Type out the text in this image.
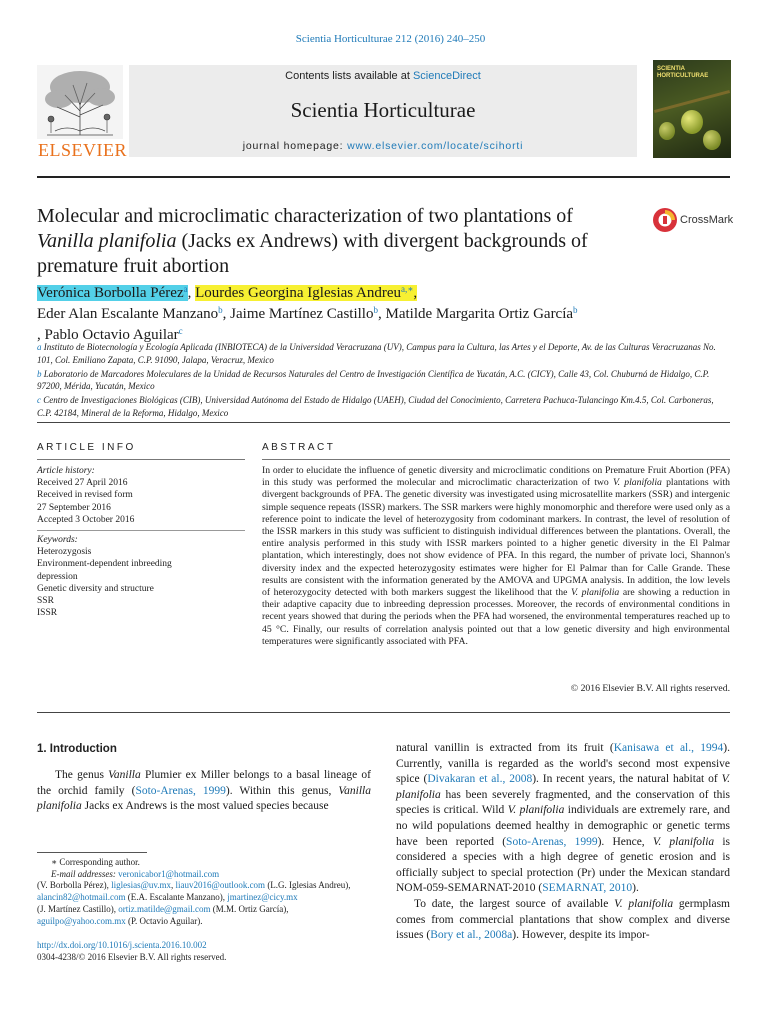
Scientia Horticulturae 212 (2016) 240–250
ELSEVIER
Contents lists available at ScienceDirect
Scientia Horticulturae
journal homepage: www.elsevier.com/locate/scihorti
SCIENTIA HORTICULTURAE
Molecular and microclimatic characterization of two plantations of
Vanilla planifolia (Jacks ex Andrews) with divergent backgrounds of
premature fruit abortion
CrossMark
Verónica Borbolla Pérez$^a$, Lourdes Georgina Iglesias Andreu$^{a,∗}$,
Eder Alan Escalante Manzano$^b$, Jaime Martínez Castillo$^b$, Matilde Margarita Ortiz García$^b$
, Pablo Octavio Aguilar$^c$

$^a$ Instituto de Biotecnología y Ecología Aplicada (INBIOTECA) de la Universidad Veracruzana (UV), Campus para la Cultura, las Artes y el Deporte, Av. de las Culturas Veracruzanas No. 101, Col. Emiliano Zapata, C.P. 91090, Jalapa, Veracruz, Mexico

$^b$ Laboratorio de Marcadores Moleculares de la Unidad de Recursos Naturales del Centro de Investigación Científica de Yucatán, A.C. (CICY), Calle 43, Col. Chuburná de Hidalgo, C.P. 97200, Mérida, Yucatán, Mexico

$^c$ Centro de Investigaciones Biológicas (CIB), Universidad Autónoma del Estado de Hidalgo (UAEH), Ciudad del Conocimiento, Carretera Pachuca-Tulancingo Km.4.5, Col. Carboneras, C.P. 42184, Mineral de la Reforma, Hidalgo, Mexico

ARTICLE INFO	ABSTRACT
Article history:
Received 27 April 2016
Received in revised form
27 September 2016
Accepted 3 October 2016
Keywords:
Heterozygosis
Environment-dependent inbreeding
depression
Genetic diversity and structure
SSR
ISSR
In order to elucidate the influence of genetic diversity and microclimatic conditions on Premature Fruit Abortion (PFA) in this study was performed the molecular and microclimatic characterization of two V. planifolia plantations with divergent backgrounds of PFA. The genetic diversity was investigated using microsatellite markers (SSR) and intergenic simple sequence repeats (ISSR) markers. The SSR markers were highly monomorphic and therefore were used only as a reference point to indicate the level of heterozygosity from codominant markers. In contrast, the level of resolution of the ISSR markers in this study was sufficient to distinguish individual differences between the plantations. Overall, the entire analysis performed in this study with ISSR markers pointed to a higher genetic diversity in the El Palmar plantation, which interestingly, does not show evidence of PFA. In this regard, the number of private loci, Shannon's diversity index and the expected heterozygosity estimates were higher for El Palmar than for Calle Grande. These results are consistent with the information generated by the AMOVA and UPGMA analysis. In addition, the low levels of heterozygocity detected with both markers suggest the likelihood that the V. planifolia are showing a reduction in their adaptive capacity due to inbreeding depression processes. Moreover, the records of environmental conditions in recent years showed that during the periods when the PFA had worsened, the environmental temperatures reached up to 45 °C. Finally, our results of correlation analysis pointed out that a low genetic diversity and high environmental temperatures were significantly associated with PFA.
© 2016 Elsevier B.V. All rights reserved.
1. Introduction
The genus Vanilla Plumier ex Miller belongs to a basal lineage of the orchid family (Soto-Arenas, 1999). Within this genus, Vanilla planifolia Jacks ex Andrews is the most valued species because

natural vanillin is extracted from its fruit (Kanisawa et al., 1994). Currently, vanilla is regarded as the world's second most expensive spice (Divakaran et al., 2008). In recent years, the natural habitat of V. planifolia has been severely fragmented, and the conservation of this species is critical. Wild V. planifolia individuals are extremely rare, and no wild populations deemed healthy in demographic or genetic terms have been reported (Soto-Arenas, 1999). Hence, V. planifolia is considered a species with a high degree of genetic erosion and is officially subject to special protection (Pr) under the Mexican standard NOM-059-SEMARNAT-2010 (SEMARNAT, 2010).

To date, the largest source of available V. planifolia germplasm comes from commercial plantations that show complex and diverse issues (Bory et al., 2008a). However, despite its impor-

∗ Corresponding author.
E-mail addresses: veronicabor1@hotmail.com
(V. Borbolla Pérez), liglesias@uv.mx, liauv2016@outlook.com (L.G. Iglesias Andreu),
alancin82@hotmail.com (E.A. Escalante Manzano), jmartinez@cicy.mx
(J. Martínez Castillo), ortiz.matilde@gmail.com (M.M. Ortiz García),
aguilpo@yahoo.com.mx (P. Octavio Aguilar).
http://dx.doi.org/10.1016/j.scienta.2016.10.002
0304-4238/© 2016 Elsevier B.V. All rights reserved.
